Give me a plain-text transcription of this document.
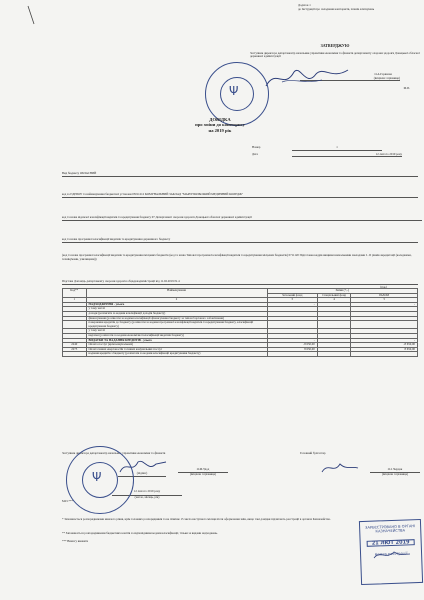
Додаток 1
до Інструкції про складання кошторисів, планів асигнувань
ЗАТВЕРДЖУЮ
Заступник директора департаменту-начальник управління економіки та фінансів департаменту охорони здоров'я Донецької обласної державної адміністрації
О.А.Горянова
(ініціали і прізвище)
М.П.
Ψ
ДОВІДКА
про зміни до кошторису
на 2019 рік
Номер	1
Дата	12 лютого 2019 року
Вид бюджету ОБЛАСНИЙ
код за ЄДРПОУ та найменування бюджетної установи 05011212 КОМУНАЛЬНИЙ ЗАКЛАД "МАРІУПОЛЬСЬКИЙ МЕДИЧНИЙ КОЛЕДЖ"
код та назва відомчої класифікації видатків та кредитування бюджету 07 Департамент охорони здоров'я Донецької обласної державної адміністрації
код та назва програмної класифікації видатків та кредитування державного бюджету
(код та назва програмної класифікації видатків та кредитування місцевих бюджетів (код та назва Типової програмної класифікації видатків та кредитування місцевих бюджетів) 0711120 Підготовка кадрів вищими навчальними закладами I - II рівнів акредитації (коледжами, технікумами, училищами))
Підстава Доповідь департаменту охорони здоров'я облдержадміністрації від 11.02.2019 № 4
(грн.)
Код**	Найменування	Зміни (+,-)		
		Загальний фонд	Спеціальний фонд	РАЗОМ
1	2	3	4	5
	НАДХОДЖЕННЯ - усього	-		-
	у тому числі:			
	доходи (розписати за кодами класифікації доходів бюджету)			
	фінансування (розписати за кодами класифікації фінансування бюджету за типом боргового зобов'язання)			
	повернення кредитів до бюджету (розписати за кодами програмної класифікації видатків та кредитування бюджету, класифікації кредитування бюджету)			
	у тому числі:			
	видатки (розписати за кодами економічної класифікації видатків бюджету)			
	ВИДАТКИ ТА НАДАННЯ КРЕДИТІВ - усього	-		-
2240	Оплата послуг (крім комунальних)	-8 650,00		-8 650,00
2275	Оплата інших енергоносіїв та інших комунальних послуг	8 650,00		8 650,00
	надання кредитів з бюджету (розписати за кодами класифікації кредитування бюджету)			
Заступник директора департаменту-начальник управління економіки та фінансів
(підпис)
О.М.Удод
(ініціали і прізвище)
Головний бухгалтер
О.І. Чердак
(ініціали і прізвище)
12 лютого 2019 року
(число, місяць, рік)
М.П.***
Ψ
ЗАРЕЄСТРОВАНО В ОРГАНІ КАЗНАЧЕЙСТВА
21 ЛЮТ 2019
Номер реєстрації
* Заповнюється розпорядниками нижчого рівня, крім головних розпорядників та не пізніше 15 числа наступного місяця після оформлення змін, якщо такі довідки підлягають реєстрації в органах Казначейства.
** Заповнюється розпорядниками бюджетних коштів за відповідними кодами класифікації, тільки за видами надходжень.
*** Вимогу вважати
